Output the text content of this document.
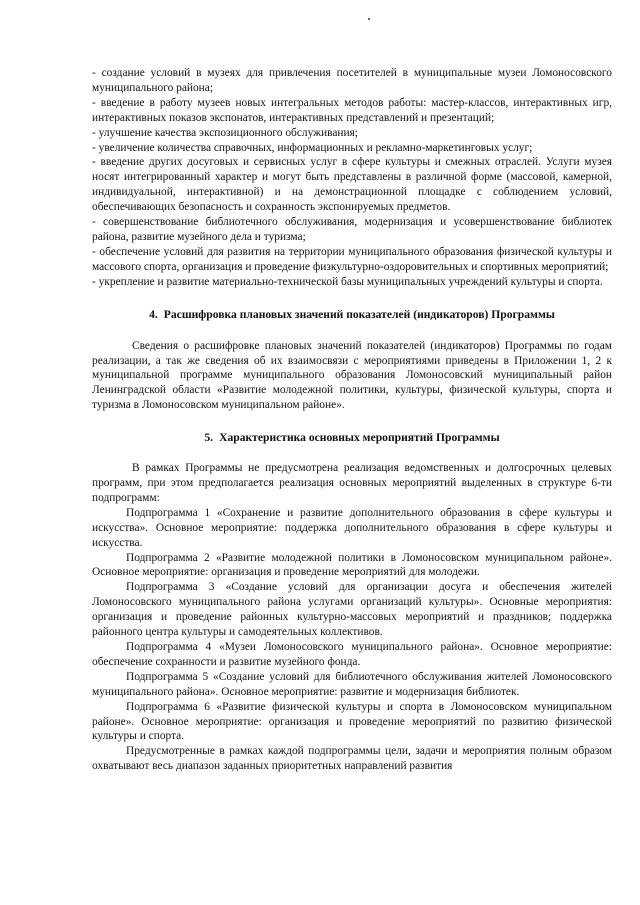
- создание условий в музеях для привлечения посетителей в муниципальные музеи Ломоносовского муниципального района;

- введение в работу музеев новых интегральных методов работы: мастер-классов, интерактивных игр, интерактивных показов экспонатов, интерактивных представлений и презентаций;

- улучшение качества экспозиционного обслуживания;

- увеличение количества справочных, информационных и рекламно-маркетинговых услуг;

- введение других досуговых и сервисных услуг в сфере культуры и смежных отраслей. Услуги музея носят интегрированный характер и могут быть представлены в различной форме (массовой, камерной, индивидуальной, интерактивной) и на демонстрационной площадке с соблюдением условий, обеспечивающих безопасность и сохранность экспонируемых предметов.

- совершенствование библиотечного обслуживания, модернизация и усовершенствование библиотек района, развитие музейного дела и туризма;

- обеспечение условий для развития на территории муниципального образования физической культуры и массового спорта, организация и проведение физкультурно-оздоровительных и спортивных мероприятий;

- укрепление и развитие материально-технической базы муниципальных учреждений культуры и спорта.

4. Расшифровка плановых значений показателей (индикаторов) Программы

Сведения о расшифровке плановых значений показателей (индикаторов) Программы по годам реализации, а так же сведения об их взаимосвязи с мероприятиями приведены в Приложении 1, 2 к муниципальной программе муниципального образования Ломоносовский муниципальный район Ленинградской области «Развитие молодежной политики, культуры, физической культуры, спорта и туризма в Ломоносовском муниципальном районе».

5. Характеристика основных мероприятий Программы

В рамках Программы не предусмотрена реализация ведомственных и долгосрочных целевых программ, при этом предполагается реализация основных мероприятий выделенных в структуре 6-ти подпрограмм:

Подпрограмма 1 «Сохранение и развитие дополнительного образования в сфере культуры и искусства». Основное мероприятие: поддержка дополнительного образования в сфере культуры и искусства.

Подпрограмма 2 «Развитие молодежной политики в Ломоносовском муниципальном районе». Основное мероприятие: организация и проведение мероприятий для молодежи.

Подпрограмма 3 «Создание условий для организации досуга и обеспечения жителей Ломоносовского муниципального района услугами организаций культуры». Основные мероприятия: организация и проведение районных культурно-массовых мероприятий и праздников; поддержка районного центра культуры и самодеятельных коллективов.

Подпрограмма 4 «Музеи Ломоносовского муниципального района». Основное мероприятие: обеспечение сохранности и развитие музейного фонда.

Подпрограмма 5 «Создание условий для библиотечного обслуживания жителей Ломоносовского муниципального района». Основное мероприятие: развитие и модернизация библиотек.

Подпрограмма 6 «Развитие физической культуры и спорта в Ломоносовском муниципальном районе». Основное мероприятие: организация и проведение мероприятий по развитию физической культуры и спорта.

Предусмотренные в рамках каждой подпрограммы цели, задачи и мероприятия полным образом охватывают весь диапазон заданных приоритетных направлений развития
